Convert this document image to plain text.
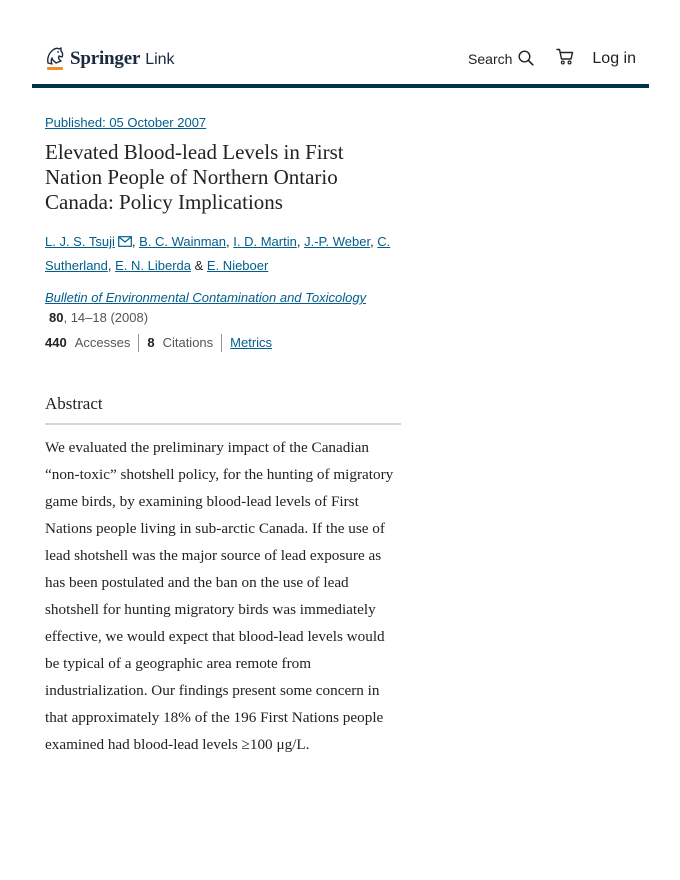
Springer Link	Search	Log in
Published: 05 October 2007
Elevated Blood-lead Levels in First Nation People of Northern Ontario Canada: Policy Implications
L. J. S. Tsuji , B. C. Wainman, I. D. Martin, J.-P. Weber, C. Sutherland, E. N. Liberda & E. Nieboer
Bulletin of Environmental Contamination and Toxicology
80, 14–18 (2008)
440 Accesses 8 Citations Metrics
Abstract

We evaluated the preliminary impact of the Canadian “non-toxic” shotshell policy, for the hunting of migratory game birds, by examining blood-lead levels of First Nations people living in sub-arctic Canada. If the use of lead shotshell was the major source of lead exposure as has been postulated and the ban on the use of lead shotshell for hunting migratory birds was immediately effective, we would expect that blood-lead levels would be typical of a geographic area remote from industrialization. Our findings present some concern in that approximately 18% of the 196 First Nations people examined had blood-lead levels ≥100 μg/L.
